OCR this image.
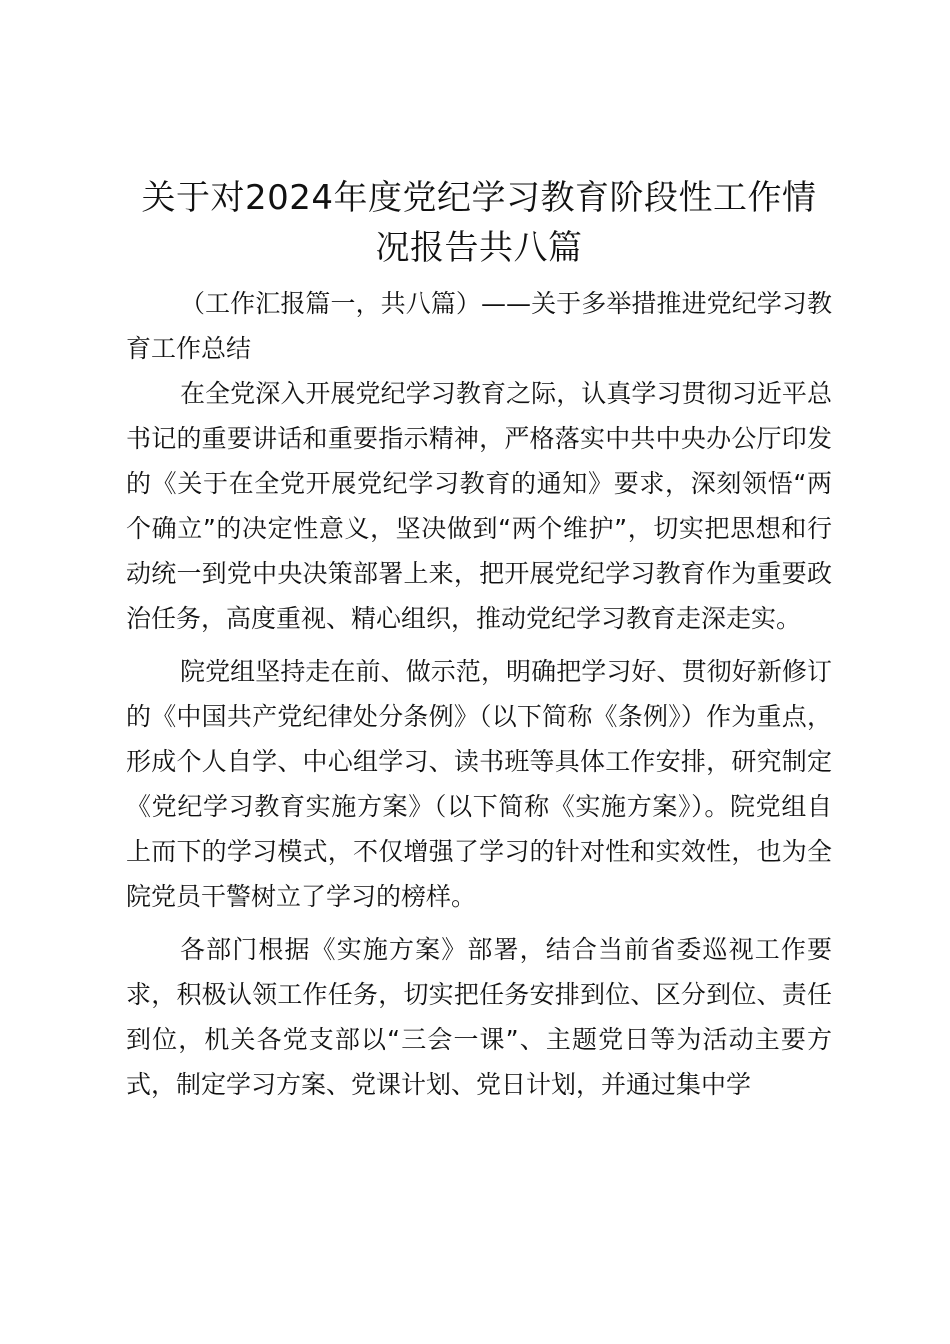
关于对2024年度党纪学习教育阶段性工作情况报告共八篇

（工作汇报篇一，共八篇）——关于多举措推进党纪学习教育工作总结

在全党深入开展党纪学习教育之际，认真学习贯彻习近平总书记的重要讲话和重要指示精神，严格落实中共中央办公厅印发的《关于在全党开展党纪学习教育的通知》要求，深刻领悟“两个确立”的决定性意义，坚决做到“两个维护”，切实把思想和行动统一到党中央决策部署上来，把开展党纪学习教育作为重要政治任务，高度重视、精心组织，推动党纪学习教育走深走实。

院党组坚持走在前、做示范，明确把学习好、贯彻好新修订的《中国共产党纪律处分条例》（以下简称《条例》）作为重点，形成个人自学、中心组学习、读书班等具体工作安排，研究制定《党纪学习教育实施方案》（以下简称《实施方案》）。院党组自上而下的学习模式，不仅增强了学习的针对性和实效性，也为全院党员干警树立了学习的榜样。

各部门根据《实施方案》部署，结合当前省委巡视工作要求，积极认领工作任务，切实把任务安排到位、区分到位、责任到位，机关各党支部以“三会一课”、主题党日等为活动主要方式，制定学习方案、党课计划、党日计划，并通过集中学
